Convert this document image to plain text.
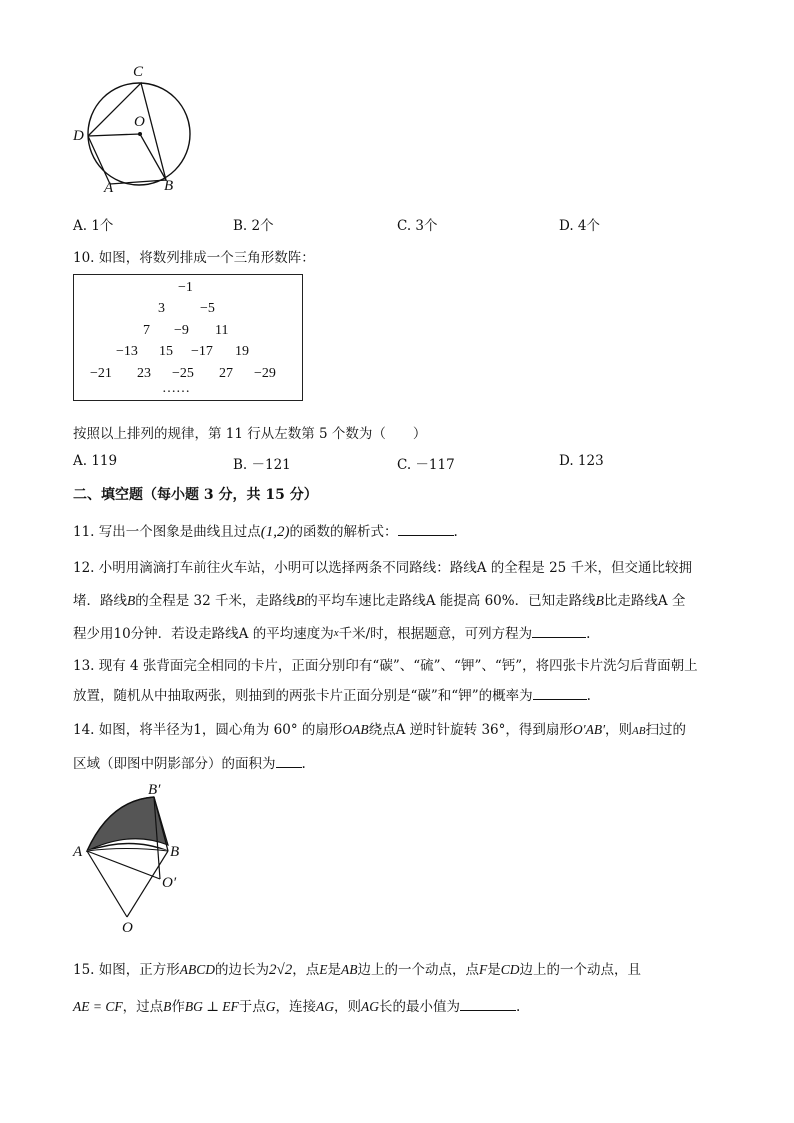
C
O
D
A	B
A. 1个	B. 2个	C. 3个	D. 4个
10. 如图，将数列排成一个三角形数阵：
−1
3	−5
7 −9 11
−13 15 −17 19
−21 23 −25 27 −29
……
按照以上排列的规律，第 11 行从左数第 5 个数为（　　）
A. 119	B. －121	C. －117	D. 123
二、填空题（每小题 3 分，共 15 分）
11. 写出一个图象是曲线且过点(1,2)的函数的解析式：	.
12. 小明用滴滴打车前往火车站，小明可以选择两条不同路线：路线A 的全程是 25 千米，但交通比较拥
堵．路线B的全程是 32 千米，走路线B的平均车速比走路线A 能提高 60%．已知走路线B比走路线A 全
程少用10分钟．若设走路线A 的平均速度为x千米/时，根据题意，可列方程为	.
13. 现有 4 张背面完全相同的卡片，正面分别印有“碳”、“硫”、“钾”、“钙”，将四张卡片洗匀后背面朝上
放置，随机从中抽取两张，则抽到的两张卡片正面分别是“碳”和“钾”的概率为	.
14. 如图，将半径为1，圆心角为 60° 的扇形OAB绕点A 逆时针旋转 36°，得到扇形O′AB′，则AB扫过的
区域（即图中阴影部分）的面积为 .
B′
A	B
O′
O
15. 如图，正方形ABCD的边长为2√2，点E是AB边上的一个动点，点F是CD边上的一个动点，且
AE = CF，过点B作BG ⊥ EF于点G，连接AG，则AG长的最小值为	.
